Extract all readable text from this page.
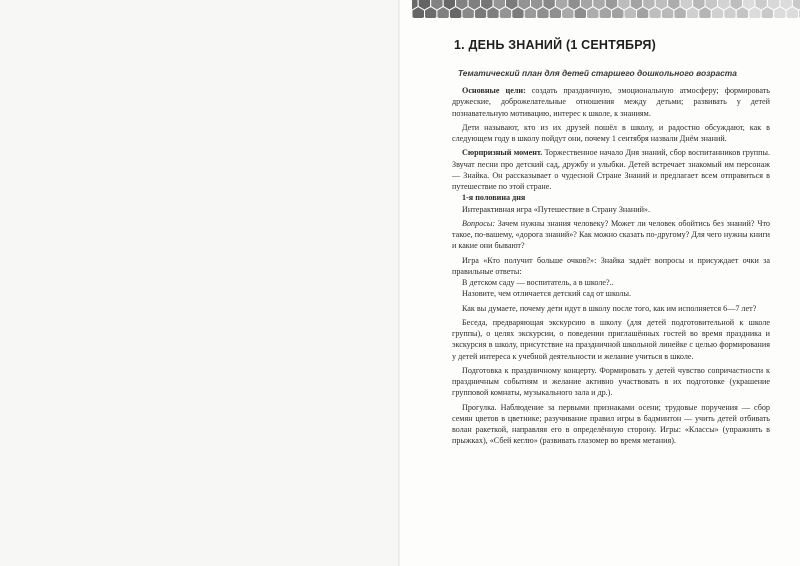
1. ДЕНЬ ЗНАНИЙ (1 СЕНТЯБРЯ)
Тематический план для детей старшего дошкольного возраста

Основные цели: создать праздничную, эмоциональную атмосферу; формировать дружеские, доброжелательные отношения между детьми; развивать у детей познавательную мотивацию, интерес к школе, к знаниям.

Дети называют, кто из их друзей пошёл в школу, и радостно обсуждают, как в следующем году в школу пойдут они, почему 1 сентября назвали Днём знаний.

Сюрпризный момент. Торжественное начало Дня знаний, сбор воспитанников группы. Звучат песни про детский сад, дружбу и улыбки. Детей встречает знакомый им персонаж — Знайка. Он рассказывает о чудесной Стране Знаний и предлагает всем отправиться в путешествие по этой стране.

1-я половина дня

Интерактивная игра «Путешествие в Страну Знаний».

Вопросы: Зачем нужны знания человеку? Может ли человек обойтись без знаний? Что такое, по-вашему, «дорога знаний»? Как можно сказать по-другому? Для чего нужны книги и какие они бывают?

Игра «Кто получит больше очков?»: Знайка задаёт вопросы и присуждает очки за правильные ответы:

В детском саду — воспитатель, а в школе?..

Назовите, чем отличается детский сад от школы.

Как вы думаете, почему дети идут в школу после того, как им исполняется 6—7 лет?

Беседа, предваряющая экскурсию в школу (для детей подготовительной к школе группы), о целях экскурсии, о поведении приглашённых гостей во время праздника и экскурсия в школу, присутствие на праздничной школьной линейке с целью формирования у детей интереса к учебной деятельности и желание учиться в школе.

Подготовка к праздничному концерту. Формировать у детей чувство сопричастности к праздничным событиям и желание активно участвовать в их подготовке (украшение групповой комнаты, музыкального зала и др.).

Прогулка. Наблюдение за первыми признаками осени; трудовые поручения — сбор семян цветов в цветнике; разучивание правил игры в бадминтон — учить детей отбивать волан ракеткой, направляя его в определённую сторону. Игры: «Классы» (упражнять в прыжках), «Сбей кеглю» (развивать глазомер во время метания).
